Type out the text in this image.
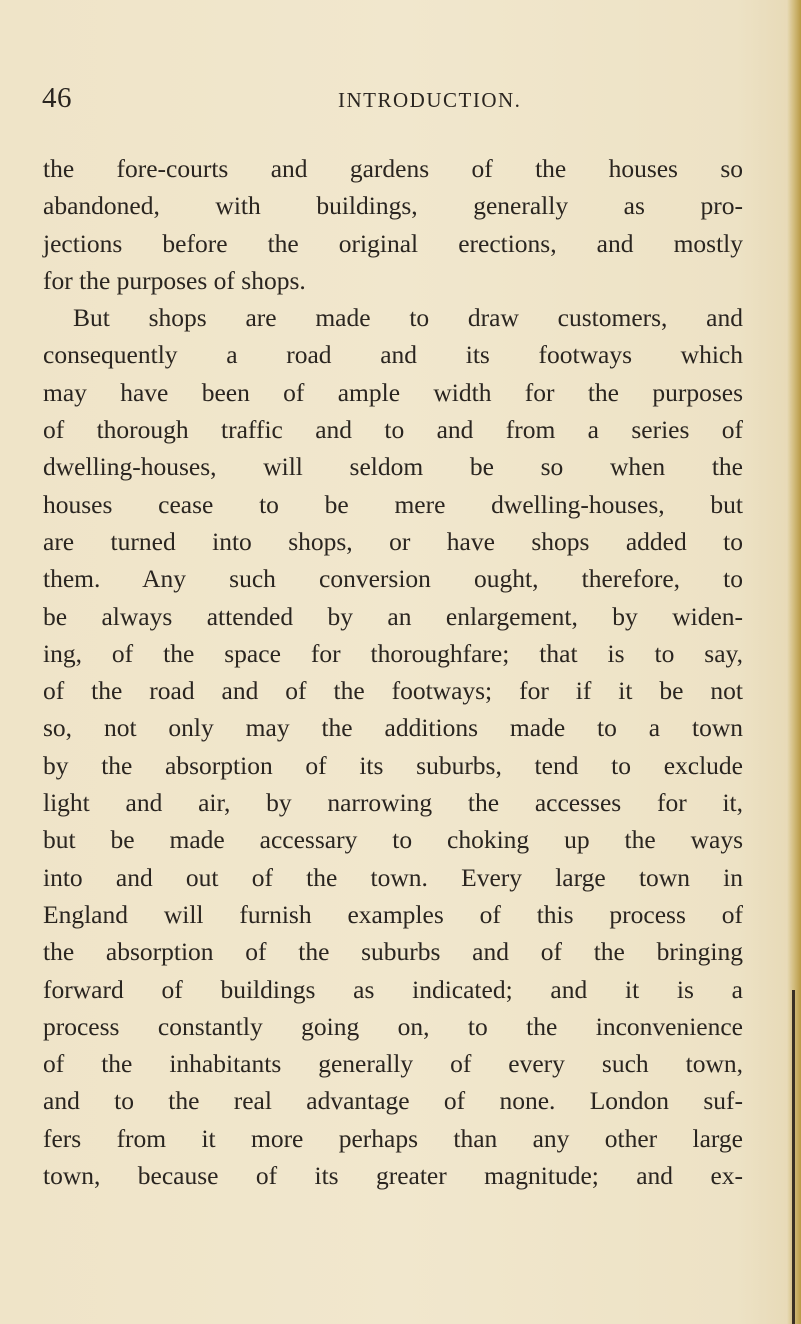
46	INTRODUCTION.
the fore-courts and gardens of the houses so
abandoned, with buildings, generally as pro-
jections before the original erections, and mostly
for the purposes of shops.
But shops are made to draw customers, and
consequently a road and its footways which
may have been of ample width for the purposes
of thorough traffic and to and from a series of
dwelling-houses, will seldom be so when the
houses cease to be mere dwelling-houses, but
are turned into shops, or have shops added to
them. Any such conversion ought, therefore, to
be always attended by an enlargement, by widen-
ing, of the space for thoroughfare; that is to say,
of the road and of the footways; for if it be not
so, not only may the additions made to a town
by the absorption of its suburbs, tend to exclude
light and air, by narrowing the accesses for it,
but be made accessary to choking up the ways
into and out of the town. Every large town in
England will furnish examples of this process of
the absorption of the suburbs and of the bringing
forward of buildings as indicated; and it is a
process constantly going on, to the inconvenience
of the inhabitants generally of every such town,
and to the real advantage of none. London suf-
fers from it more perhaps than any other large
town, because of its greater magnitude; and ex-
